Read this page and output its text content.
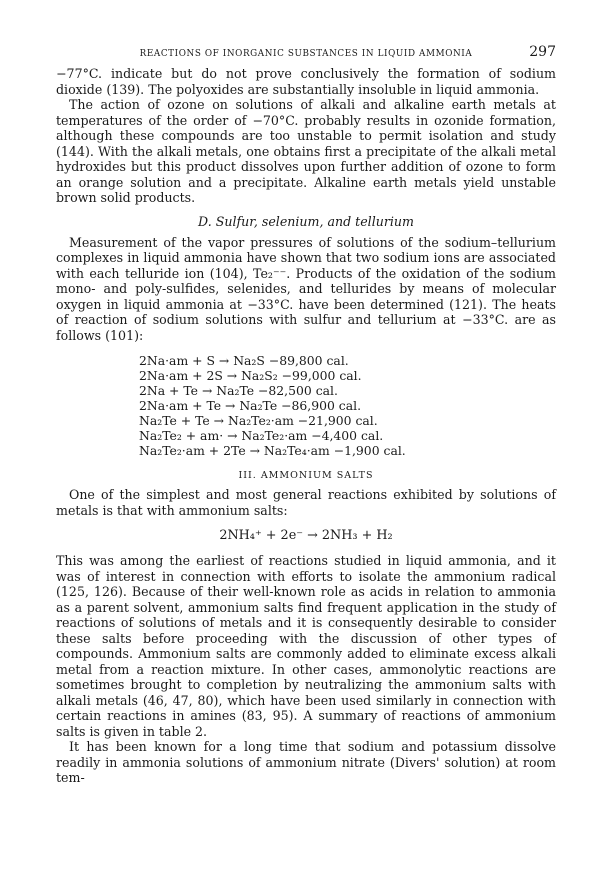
REACTIONS OF INORGANIC SUBSTANCES IN LIQUID AMMONIA	297

−77°C. indicate but do not prove conclusively the formation of sodium dioxide (139). The polyoxides are substantially insoluble in liquid ammonia.

The action of ozone on solutions of alkali and alkaline earth metals at temperatures of the order of −70°C. probably results in ozonide formation, although these compounds are too unstable to permit isolation and study (144). With the alkali metals, one obtains first a precipitate of the alkali metal hydroxides but this product dissolves upon further addition of ozone to form an orange solution and a precipitate. Alkaline earth metals yield unstable brown solid products.

D. Sulfur, selenium, and tellurium

Measurement of the vapor pressures of solutions of the sodium–tellurium complexes in liquid ammonia have shown that two sodium ions are associated with each telluride ion (104), Te₂⁻⁻. Products of the oxidation of the sodium mono- and poly-sulfides, selenides, and tellurides by means of molecular oxygen in liquid ammonia at −33°C. have been determined (121). The heats of reaction of sodium solutions with sulfur and tellurium at −33°C. are as follows (101):

2Na·am + S → Na₂S −89,800 cal.
2Na·am + 2S → Na₂S₂ −99,000 cal.
2Na + Te → Na₂Te −82,500 cal.
2Na·am + Te → Na₂Te −86,900 cal.
Na₂Te + Te → Na₂Te₂·am −21,900 cal.
Na₂Te₂ + am· → Na₂Te₂·am −4,400 cal.
Na₂Te₂·am + 2Te → Na₂Te₄·am −1,900 cal.
III. AMMONIUM SALTS

One of the simplest and most general reactions exhibited by solutions of metals is that with ammonium salts:

2NH₄⁺ + 2e⁻ → 2NH₃ + H₂

This was among the earliest of reactions studied in liquid ammonia, and it was of interest in connection with efforts to isolate the ammonium radical (125, 126). Because of their well-known role as acids in relation to ammonia as a parent solvent, ammonium salts find frequent application in the study of reactions of solutions of metals and it is consequently desirable to consider these salts before proceeding with the discussion of other types of compounds. Ammonium salts are commonly added to eliminate excess alkali metal from a reaction mixture. In other cases, ammonolytic reactions are sometimes brought to completion by neutralizing the ammonium salts with alkali metals (46, 47, 80), which have been used similarly in connection with certain reactions in amines (83, 95). A summary of reactions of ammonium salts is given in table 2.

It has been known for a long time that sodium and potassium dissolve readily in ammonia solutions of ammonium nitrate (Divers' solution) at room tem-
